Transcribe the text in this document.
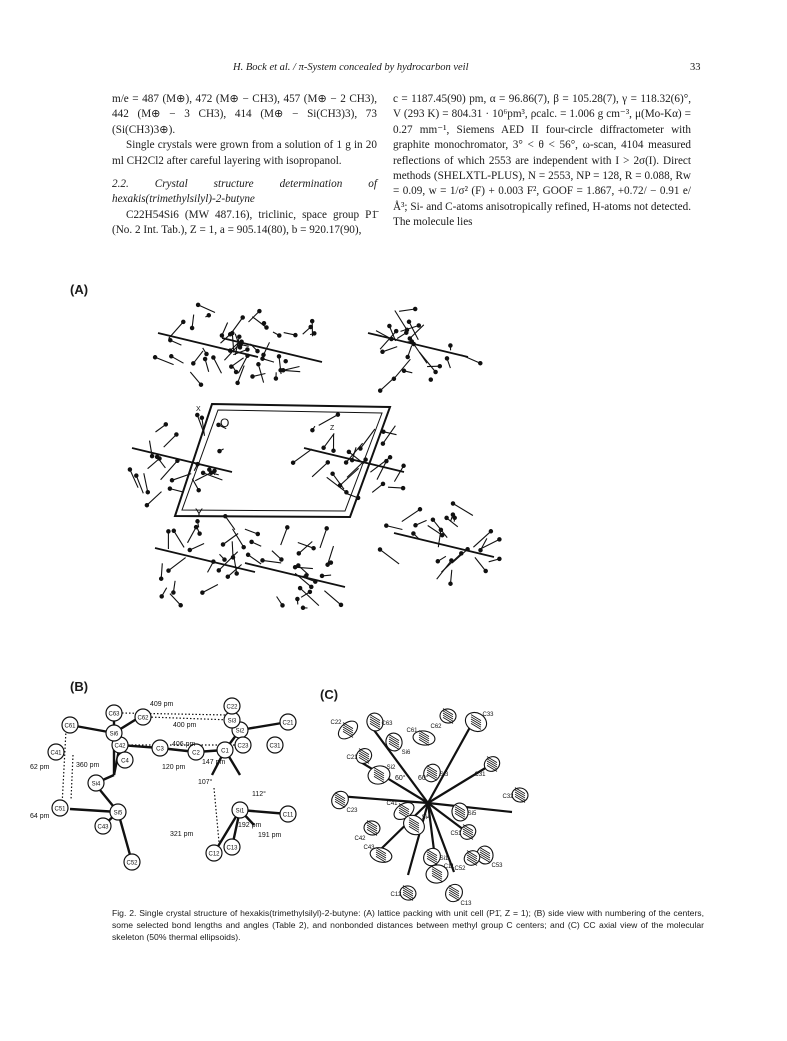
H. Bock et al. / π-System concealed by hydrocarbon veil	33

m/e = 487 (M⊕), 472 (M⊕ − CH3), 457 (M⊕ − 2 CH3), 442 (M⊕ − 3 CH3), 414 (M⊕ − Si(CH3)3), 73 (Si(CH3)3⊕).

Single crystals were grown from a solution of 1 g in 20 ml CH2Cl2 after careful layering with isopropanol.

2.2. Crystal structure determination of hexakis(trimethylsilyl)-2-butyne

C22H54Si6 (MW 487.16), triclinic, space group P1̄ (No. 2 Int. Tab.), Z = 1, a = 905.14(80), b = 920.17(90),

c = 1187.45(90) pm, α = 96.86(7), β = 105.28(7), γ = 118.32(6)°, V (293 K) = 804.31 · 10⁶pm³, ρcalc. = 1.006 g cm⁻³, μ(Mo-Kα) = 0.27 mm⁻¹, Siemens AED II four-circle diffractometer with graphite monochromator, 3° < θ < 56°, ω-scan, 4104 measured reflections of which 2553 are independent with I > 2σ(I). Direct methods (SHELXTL-PLUS), N = 2553, NP = 128, R = 0.088, Rw = 0.09, w = 1/σ² (F) + 0.003 F², GOOF = 1.867, +0.72/ − 0.91 e/Å³; Si- and C-atoms anisotropically refined, H-atoms not detected. The molecule lies

(A)
(B)
(C)
C63
C62
C61
C41
C42
C51
C43
C52
Si6
Si4
Si5
C4
C3
C2	C1
Si2
Si3
Si1
C22
C21
C23	C31
C11
C12
C13
409 pm
400 pm
406 pm
360 pm
62 pm
64 pm
120 pm
147 pm
107°
112°
192 pm
321 pm	191 pm
C22	C63	C62
C33
C21
Si6
C61
Si3	C31
Si2
C32
C23
C41
Si5
C42
Si4
C51
C53
C43
Si1
C52
C11
C12
C13
60° 60°
X
O	Z
Y
Fig. 2. Single crystal structure of hexakis(trimethylsilyl)-2-butyne: (A) lattice packing with unit cell (P1̄, Z = 1); (B) side view with numbering of the centers, some selected bond lengths and angles (Table 2), and nonbonded distances between methyl group C centers; and (C) CC axial view of the molecular skeleton (50% thermal ellipsoids).
